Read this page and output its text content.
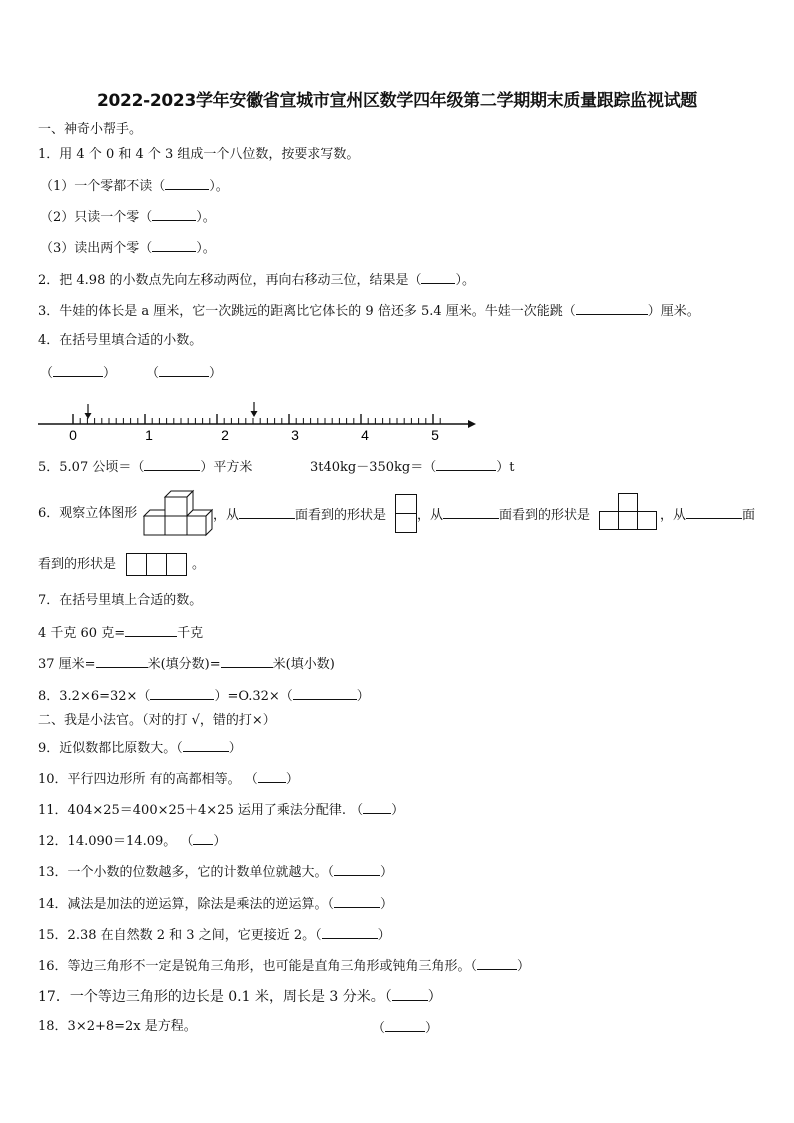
2022-2023学年安徽省宣城市宣州区数学四年级第二学期期末质量跟踪监视试题
一、神奇小帮手。
1．用 4 个 0 和 4 个 3 组成一个八位数，按要求写数。
（1）一个零都不读（	）。
（2）只读一个零（	）。
（3）读出两个零（	）。
2．把 4.98 的小数点先向左移动两位，再向右移动三位，结果是（	）。
3．牛娃的体长是 a 厘米，它一次跳远的距离比它体长的 9 倍还多 5.4 厘米。牛娃一次能跳（	）厘米。
4．在括号里填合适的小数。
（	） （	）
0	1	2	3	4	5
5．5.07 公顷＝（	）平方米	3t40kg－350kg＝（	）t
6．观察立体图形	，从	面看到的形状是 ，从	面看到的形状是	，从	面
看到的形状是	。
7．在括号里填上合适的数。
4 千克 60 克=	千克
37 厘米=	米(填分数)=	米(填小数)
8．3.2×6=32×（	）=O.32×（	）
二、我是小法官。（对的打 √，错的打×）
9．近似数都比原数大。（	）
10．平行四边形所 有的高都相等。 （ ）
11．404×25＝400×25＋4×25 运用了乘法分配律. （ ）
12．14.090＝14.09。 （ ）
13．一个小数的位数越多，它的计数单位就越大。（	）
14．减法是加法的逆运算，除法是乘法的逆运算。（	）
15．2.38 在自然数 2 和 3 之间，它更接近 2。（	）
16．等边三角形不一定是锐角三角形，也可能是直角三角形或钝角三角形。（	）
17．一个等边三角形的边长是 0.1 米，周长是 3 分米。（	）
18．3×2+8=2x 是方程。	（	）
